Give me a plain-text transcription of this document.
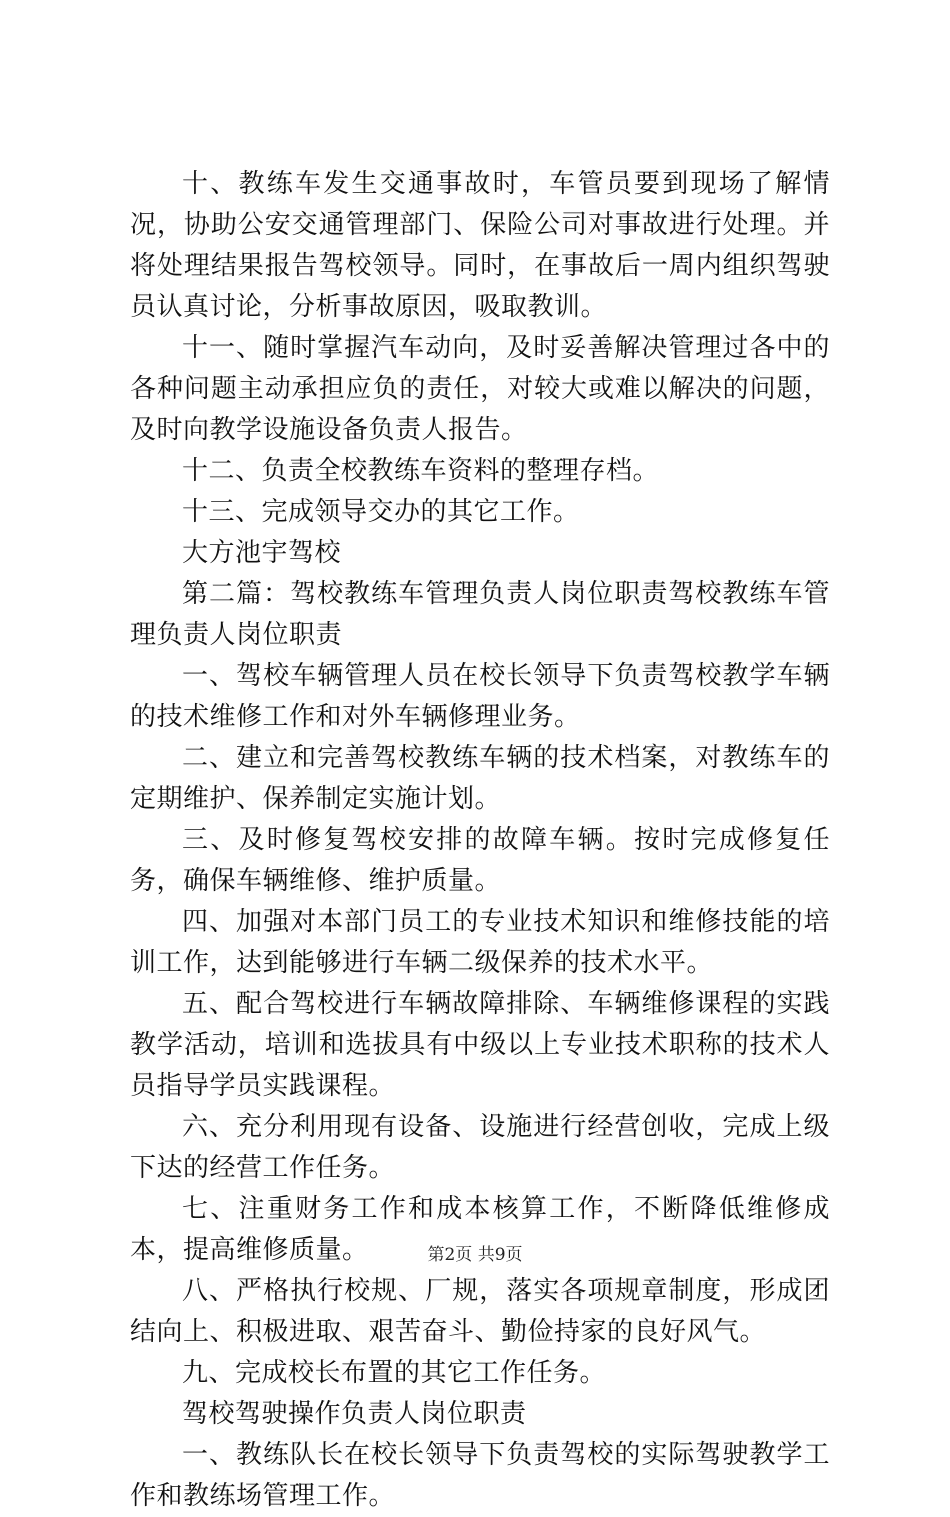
十、教练车发生交通事故时，车管员要到现场了解情况，协助公安交通管理部门、保险公司对事故进行处理。并将处理结果报告驾校领导。同时，在事故后一周内组织驾驶员认真讨论，分析事故原因，吸取教训。

十一、随时掌握汽车动向，及时妥善解决管理过各中的各种问题主动承担应负的责任，对较大或难以解决的问题，及时向教学设施设备负责人报告。

十二、负责全校教练车资料的整理存档。

十三、完成领导交办的其它工作。

大方池宇驾校

第二篇：驾校教练车管理负责人岗位职责驾校教练车管理负责人岗位职责

一、驾校车辆管理人员在校长领导下负责驾校教学车辆的技术维修工作和对外车辆修理业务。

二、建立和完善驾校教练车辆的技术档案，对教练车的定期维护、保养制定实施计划。

三、及时修复驾校安排的故障车辆。按时完成修复任务，确保车辆维修、维护质量。

四、加强对本部门员工的专业技术知识和维修技能的培训工作，达到能够进行车辆二级保养的技术水平。

五、配合驾校进行车辆故障排除、车辆维修课程的实践教学活动，培训和选拔具有中级以上专业技术职称的技术人员指导学员实践课程。

六、充分利用现有设备、设施进行经营创收，完成上级下达的经营工作任务。

七、注重财务工作和成本核算工作，不断降低维修成本，提高维修质量。

八、严格执行校规、厂规，落实各项规章制度，形成团结向上、积极进取、艰苦奋斗、勤俭持家的良好风气。

九、完成校长布置的其它工作任务。

驾校驾驶操作负责人岗位职责

一、教练队长在校长领导下负责驾校的实际驾驶教学工作和教练场管理工作。

第2页 共9页
